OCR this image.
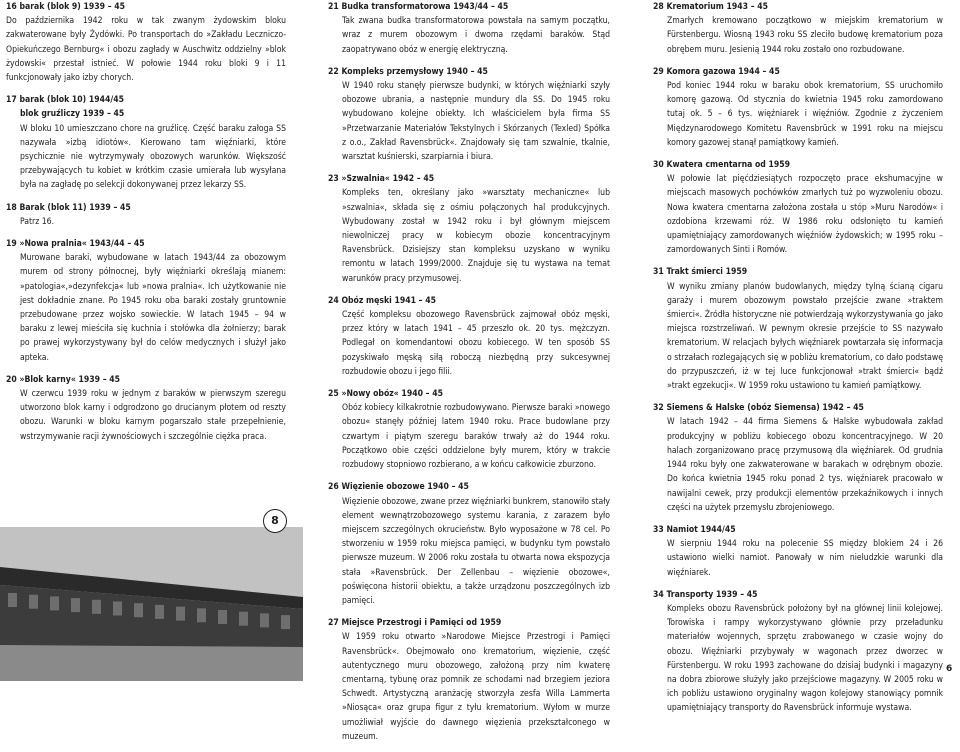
16 barak (blok 9) 1939 – 45
Do października 1942 roku w tak zwanym żydowskim bloku zakwaterowane były Żydówki. Po transportach do »Zakładu Leczniczo-Opiekuńczego Bernburg« i obozu zagłady w Auschwitz oddzielny »blok żydowski« przestał istnieć. W połowie 1944 roku bloki 9 i 11 funkcjonowały jako izby chorych.
17 barak (blok 10) 1944/45
blok gruźliczy 1939 – 45
W bloku 10 umieszczano chore na gruźlicę. Część baraku załoga SS nazywała »izbą idiotów«. Kierowano tam więźniarki, które psychicznie nie wytrzymywały obozowych warunków. Większość przebywających tu kobiet w krótkim czasie umierała lub wysyłana była na zagładę po selekcji dokonywanej przez lekarzy SS.
18 Barak (blok 11) 1939 – 45
Patrz 16.
19 »Nowa pralnia« 1943/44 – 45
Murowane baraki, wybudowane w latach 1943/44 za obozowym murem od strony północnej, były więźniarki określają mianem: »patologia«,»dezynfekcja« lub »nowa pralnia«. Ich użytkowanie nie jest dokładnie znane. Po 1945 roku oba baraki zostały gruntownie przebudowane przez wojsko sowieckie. W latach 1945 – 94 w baraku z lewej mieściła się kuchnia i stołówka dla żołnierzy; barak po prawej wykorzystywany był do celów medycznych i służył jako apteka.
20 »Blok karny« 1939 – 45
W czerwcu 1939 roku w jednym z baraków w pierwszym szeregu utworzono blok karny i odgrodzono go drucianym płotem od reszty obozu. Warunki w bloku karnym pogarszało stałe przepełnienie, wstrzymywanie racji żywnościowych i szczególnie ciężka praca.
8
21 Budka transformatorowa 1943/44 – 45
Tak zwana budka transformatorowa powstała na samym początku, wraz z murem obozowym i dwoma rzędami baraków. Stąd zaopatrywano obóz w energię elektryczną.
22 Kompleks przemysłowy 1940 – 45
W 1940 roku stanęły pierwsze budynki, w których więźniarki szyły obozowe ubrania, a następnie mundury dla SS. Do 1945 roku wybudowano kolejne obiekty. Ich właścicielem była firma SS »Przetwarzanie Materiałów Tekstylnych i Skórzanych (Texled) Spółka z o.o., Zakład Ravensbrück«. Znajdowały się tam szwalnie, tkalnie, warsztat kuśnierski, szarpiarnia i biura.
23 »Szwalnia« 1942 – 45
Kompleks ten, określany jako »warsztaty mechaniczne« lub »szwalnia«, składa się z ośmiu połączonych hal produkcyjnych. Wybudowany został w 1942 roku i był głównym miejscem niewolniczej pracy w kobiecym obozie koncentracyjnym Ravensbrück. Dzisiejszy stan kompleksu uzyskano w wyniku remontu w latach 1999/2000. Znajduje się tu wystawa na temat warunków pracy przymusowej.
24 Obóz męski 1941 – 45
Część kompleksu obozowego Ravensbrück zajmował obóz męski, przez który w latach 1941 – 45 przeszło ok. 20 tys. mężczyzn. Podlegał on komendantowi obozu kobiecego. W ten sposób SS pozyskiwało męską siłą roboczą niezbędną przy sukcesywnej rozbudowie obozu i jego filii.
25 »Nowy obóz« 1940 – 45
Obóz kobiecy kilkakrotnie rozbudowywano. Pierwsze baraki »nowego obozu« stanęły później latem 1940 roku. Prace budowlane przy czwartym i piątym szeregu baraków trwały aż do 1944 roku. Początkowo obie części oddzielone były murem, który w trakcie rozbudowy stopniowo rozbierano, a w końcu całkowicie zburzono.
26 Więzienie obozowe 1940 – 45
Więzienie obozowe, zwane przez więźniarki bunkrem, stanowiło stały element wewnątrzobozowego systemu karania, z zarazem było miejscem szczególnych okrucieństw. Było wyposażone w 78 cel. Po stworzeniu w 1959 roku miejsca pamięci, w budynku tym powstało pierwsze muzeum. W 2006 roku została tu otwarta nowa ekspozycja stała »Ravensbrück. Der Zellenbau – więzienie obozowe«, poświęcona historii obiektu, a także urządzonu poszczególnych izb pamięci.
27 Miejsce Przestrogi i Pamięci od 1959
W 1959 roku otwarto »Narodowe Miejsce Przestrogi i Pamięci Ravensbrück«. Obejmowało ono krematorium, więzienie, część autentycznego muru obozowego, założoną przy nim kwaterę cmentarną, tybunę oraz pomnik ze schodami nad brzegiem jeziora Schwedt. Artystyczną aranżację stworzyła zesfa Willa Lammerta »Niosąca« oraz grupa figur z tyłu krematorium. Wyłom w murze umożliwiał wyjście do dawnego więzienia przekształconego w muzeum.
28 Krematorium 1943 – 45
Zmarłych kremowano początkowo w miejskim krematorium w Fürstenbergu. Wiosną 1943 roku SS zleciło budowę krematorium poza obrębem muru. Jesienią 1944 roku zostało ono rozbudowane.
29 Komora gazowa 1944 – 45
Pod koniec 1944 roku w baraku obok krematorium, SS uruchomiło komorę gazową. Od stycznia do kwietnia 1945 roku zamordowano tutaj ok. 5 – 6 tys. więźniarek i więźniów. Zgodnie z życzeniem Międzynarodowego Komitetu Ravensbrück w 1991 roku na miejscu komory gazowej stanął pamiątkowy kamień.
30 Kwatera cmentarna od 1959
W połowie lat pięćdziesiątych rozpoczęto prace ekshumacyjne w miejscach masowych pochówków zmarłych tuż po wyzwoleniu obozu. Nowa kwatera cmentarna założona została u stóp »Muru Narodów« i ozdobiona krzewami róż. W 1986 roku odsłonięto tu kamień upamiętniający zamordowanych więźniów żydowskich; w 1995 roku – zamordowanych Sinti i Romów.
31 Trakt śmierci 1959
W wyniku zmiany planów budowlanych, między tylną ścianą cigaru garaży i murem obozowym powstało przejście zwane »traktem śmierci«. Źródła historyczne nie potwierdzają wykorzystywania go jako miejsca rozstrzeliwań. W pewnym okresie przejście to SS nazywało krematorium. W relacjach byłych więźniarek powtarzała się informacja o strzałach rozlegających się w pobliżu krematorium, co dało podstawę do przypuszczeń, iż w tej luce funkcjonował »trakt śmierci« bądź »trakt egzekucji«. W 1959 roku ustawiono tu kamień pamiątkowy.
32 Siemens & Halske (obóz Siemensa) 1942 – 45
W latach 1942 – 44 firma Siemens & Halske wybudowała zakład produkcyjny w pobliżu kobiecego obozu koncentracyjnego. W 20 halach zorganizowano pracę przymusową dla więźniarek. Od grudnia 1944 roku były one zakwaterowane w barakach w odrębnym obozie. Do końca kwietnia 1945 roku ponad 2 tys. więźniarek pracowało w nawijalni cewek, przy produkcji elementów przekaźnikowych i innych części na użytek przemysłu zbrojeniowego.
33 Namiot 1944/45
W sierpniu 1944 roku na polecenie SS między blokiem 24 i 26 ustawiono wielki namiot. Panowały w nim nieludzkie warunki dla więźniarek.
34 Transporty 1939 – 45
Kompleks obozu Ravensbrück położony był na głównej linii kolejowej. Torowiska i rampy wykorzystywano głównie przy przeładunku materiałów wojennych, sprzętu zrabowanego w czasie wojny do obozu. Więźniarki przybywały w wagonach przez dworzec w Fürstenbergu. W roku 1993 zachowane do dzisiaj budynki i magazyny na dobra zbiorowe służyły jako przejściowe magazyny. W 2005 roku w ich pobliżu ustawiono oryginalny wagon kolejowy stanowiący pomnik upamiętniający transporty do Ravensbrück informuje wystawa.
6
